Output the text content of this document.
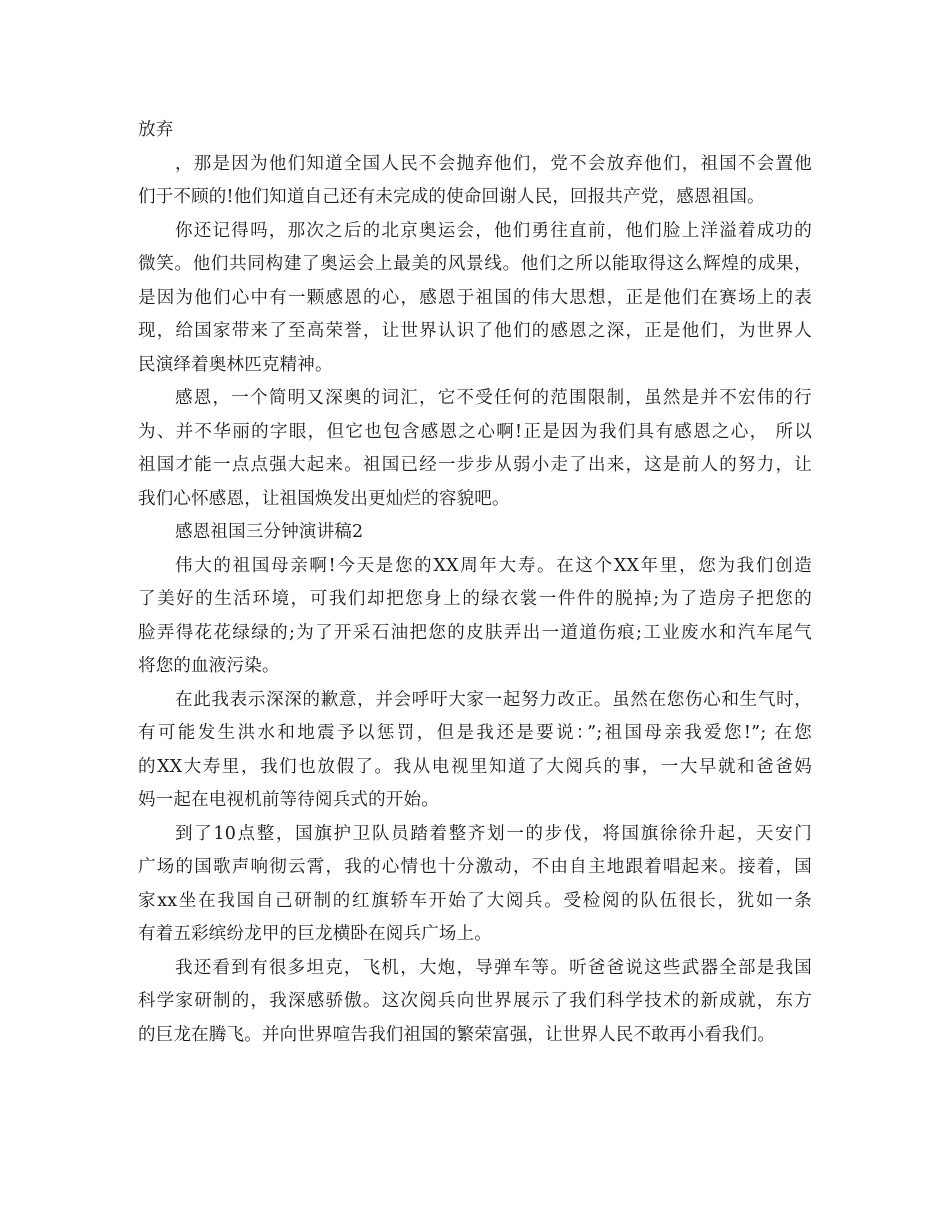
放弃
，那是因为他们知道全国人民不会抛弃他们，党不会放弃他们，祖国不会置他
们于不顾的!他们知道自己还有未完成的使命回谢人民，回报共产党，感恩祖国。
你还记得吗，那次之后的北京奥运会，他们勇往直前，他们脸上洋溢着成功的
微笑。他们共同构建了奥运会上最美的风景线。他们之所以能取得这么辉煌的成果，
是因为他们心中有一颗感恩的心，感恩于祖国的伟大思想，正是他们在赛场上的表
现，给国家带来了至高荣誉，让世界认识了他们的感恩之深，正是他们，为世界人
民演绎着奥林匹克精神。
感恩，一个简明又深奥的词汇，它不受任何的范围限制，虽然是并不宏伟的行
为、并不华丽的字眼，但它也包含感恩之心啊!正是因为我们具有感恩之心， 所以
祖国才能一点点强大起来。祖国已经一步步从弱小走了出来，这是前人的努力，让
我们心怀感恩，让祖国焕发出更灿烂的容貌吧。
感恩祖国三分钟演讲稿2
伟大的祖国母亲啊!今天是您的XX周年大寿。在这个XX年里，您为我们创造
了美好的生活环境，可我们却把您身上的绿衣裳一件件的脱掉;为了造房子把您的
脸弄得花花绿绿的;为了开采石油把您的皮肤弄出一道道伤痕;工业废水和汽车尾气
将您的血液污染。
在此我表示深深的歉意，并会呼吁大家一起努力改正。虽然在您伤心和生气时，
有可能发生洪水和地震予以惩罚，但是我还是要说：”;祖国母亲我爱您!”; 在您
的XX大寿里，我们也放假了。我从电视里知道了大阅兵的事，一大早就和爸爸妈
妈一起在电视机前等待阅兵式的开始。
到了10点整，国旗护卫队员踏着整齐划一的步伐，将国旗徐徐升起，天安门
广场的国歌声响彻云霄，我的心情也十分激动，不由自主地跟着唱起来。接着，国
家xx坐在我国自己研制的红旗轿车开始了大阅兵。受检阅的队伍很长，犹如一条
有着五彩缤纷龙甲的巨龙横卧在阅兵广场上。
我还看到有很多坦克，飞机，大炮，导弹车等。听爸爸说这些武器全部是我国
科学家研制的，我深感骄傲。这次阅兵向世界展示了我们科学技术的新成就，东方
的巨龙在腾飞。并向世界喧告我们祖国的繁荣富强，让世界人民不敢再小看我们。
